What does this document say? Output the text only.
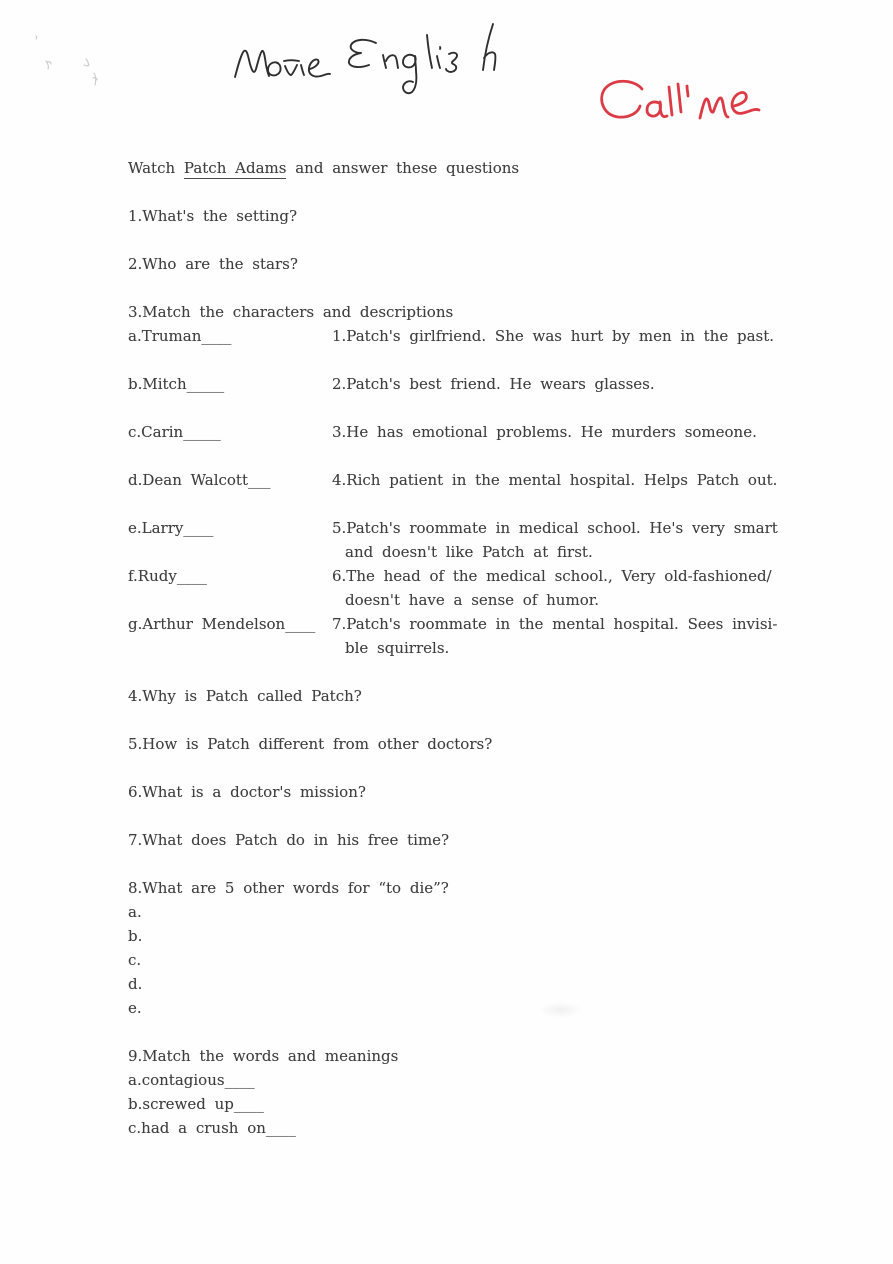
Watch Patch Adams and answer these questions
1.What's the setting?
2.Who are the stars?
3.Match the characters and descriptions
a.Truman____	1.Patch's girlfriend. She was hurt by men in the past.
b.Mitch_____	2.Patch's best friend. He wears glasses.
c.Carin_____	3.He has emotional problems. He murders someone.
d.Dean Walcott___	4.Rich patient in the mental hospital. Helps Patch out.
e.Larry____	5.Patch's roommate in medical school. He's very smart
and doesn't like Patch at first.
f.Rudy____	6.The head of the medical school., Very old-fashioned/
doesn't have a sense of humor.
g.Arthur Mendelson____	7.Patch's roommate in the mental hospital. Sees invisi-
ble squirrels.
4.Why is Patch called Patch?
5.How is Patch different from other doctors?
6.What is a doctor's mission?
7.What does Patch do in his free time?
8.What are 5 other words for “to die”?
a.
b.
c.
d.
e.
9.Match the words and meanings
a.contagious____
b.screwed up____
c.had a crush on____
